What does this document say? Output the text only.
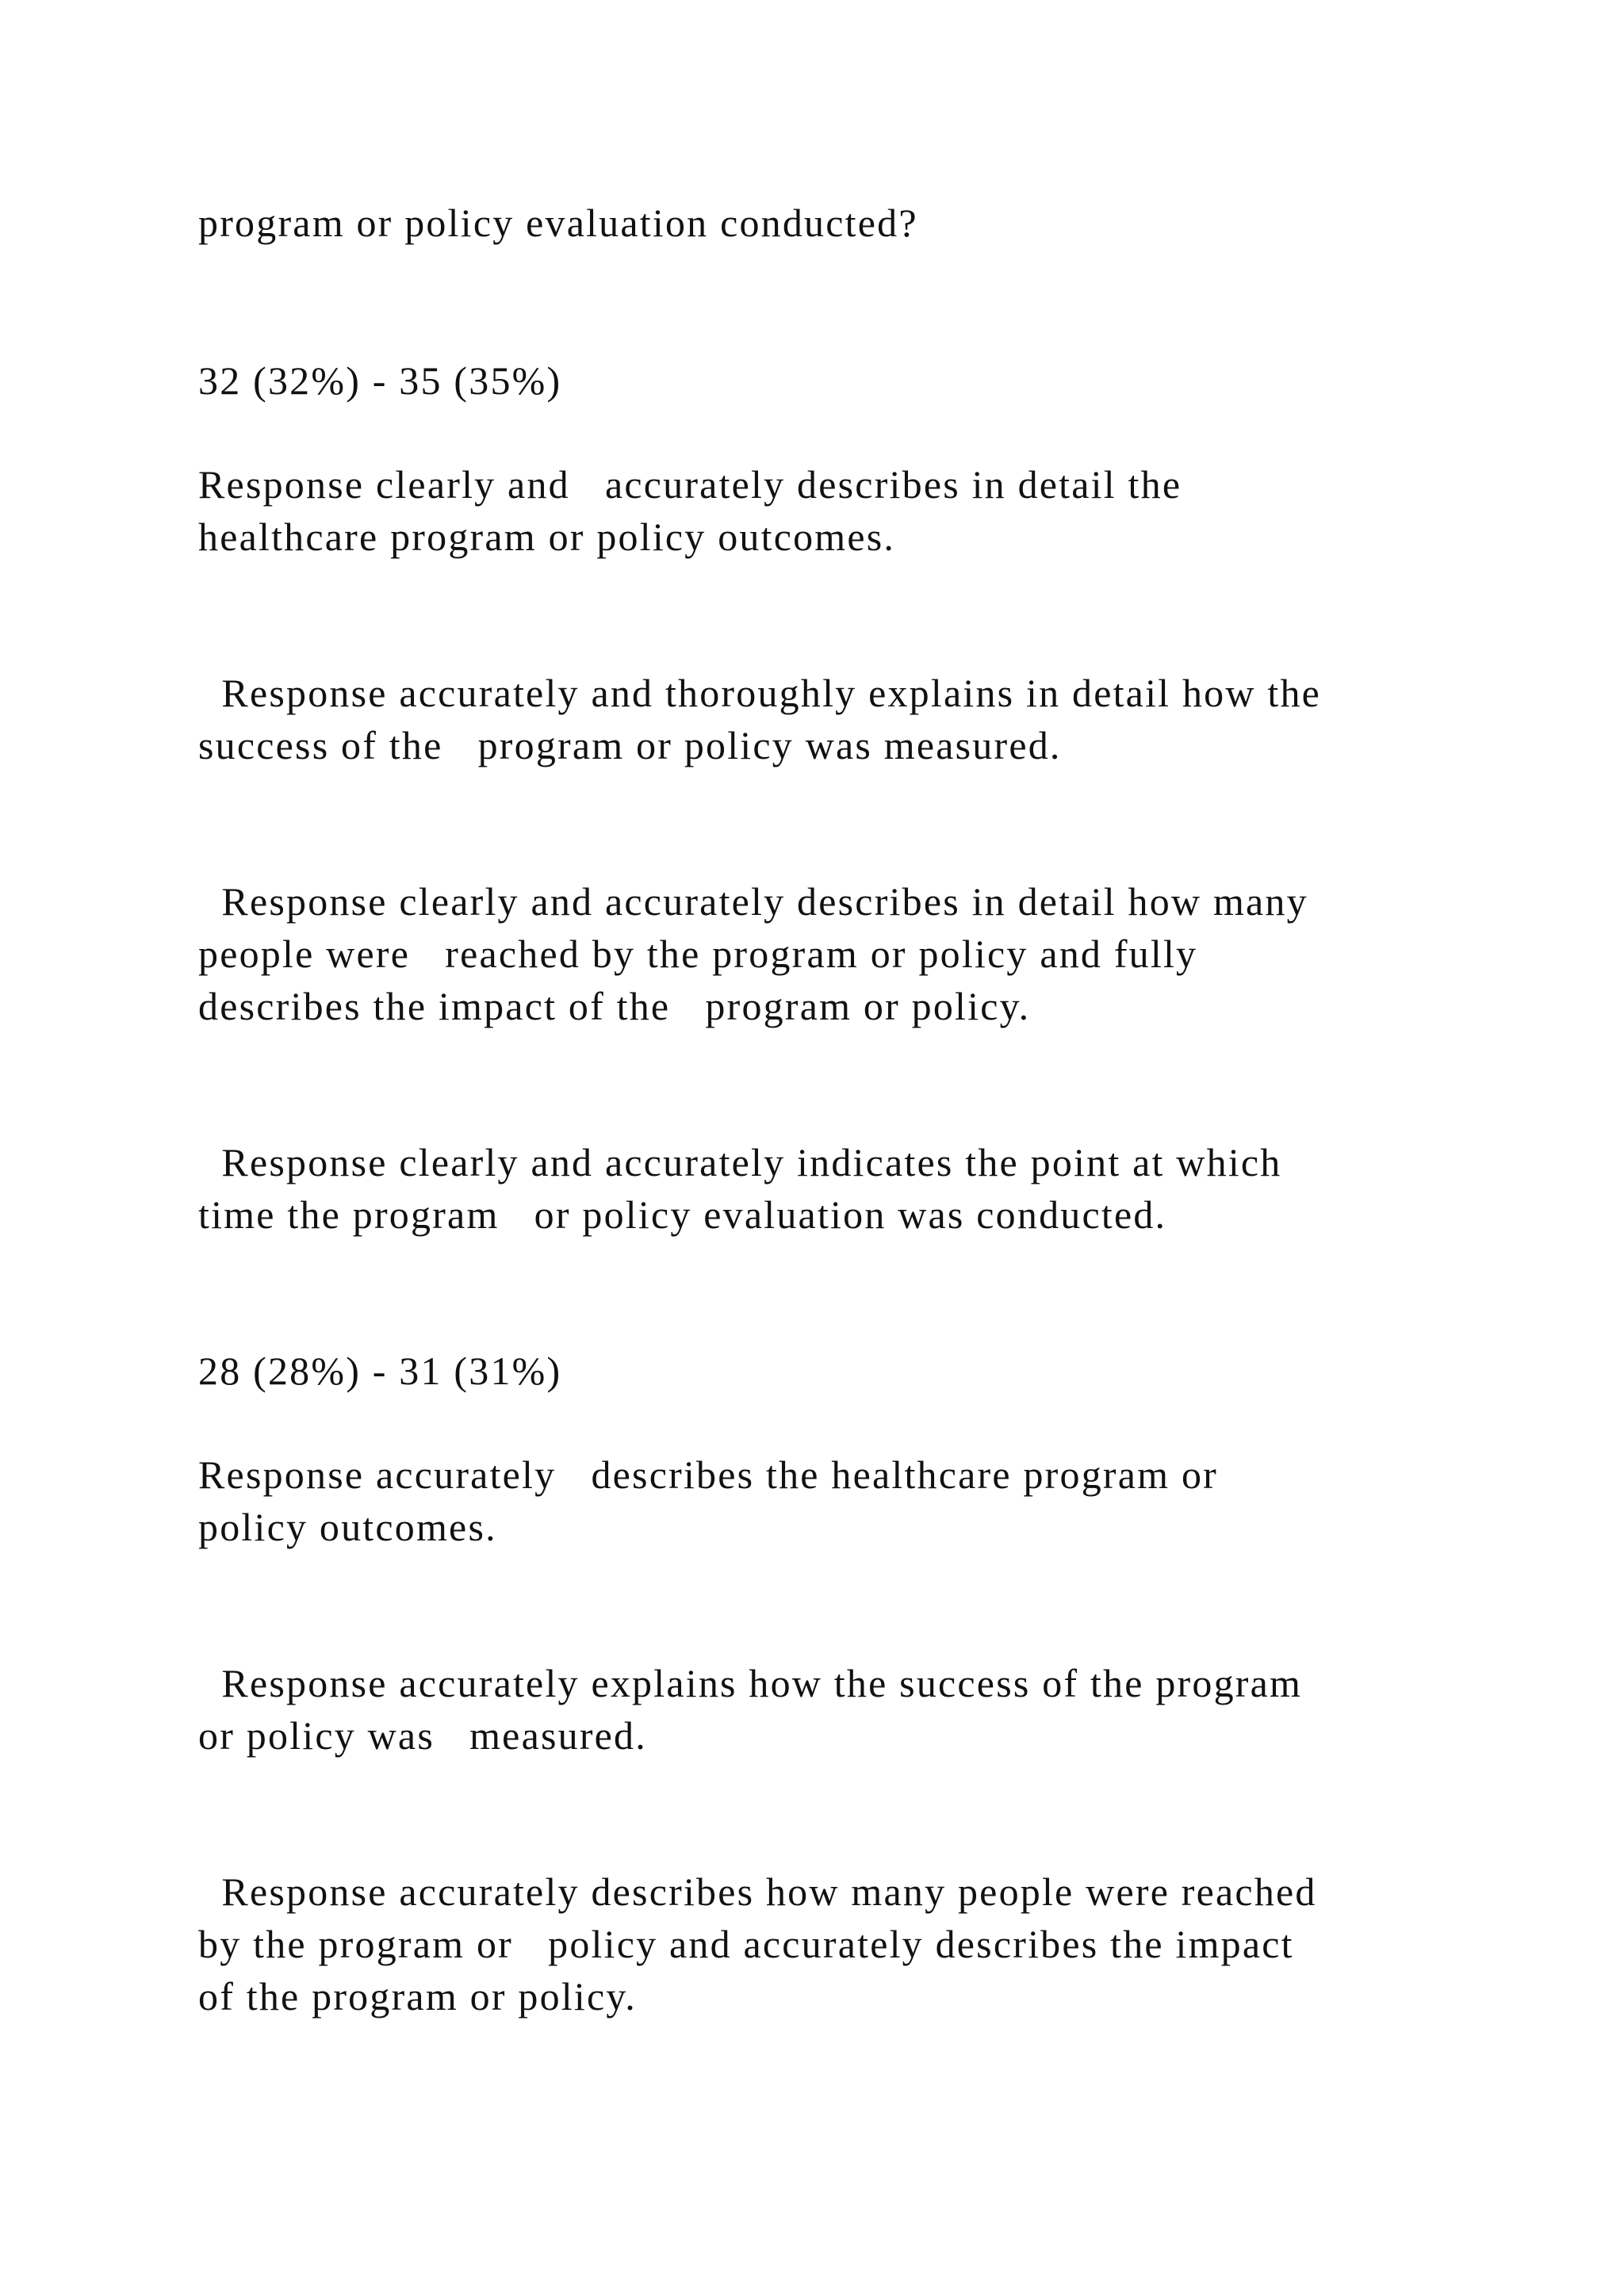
program or policy evaluation conducted?

32 (32%) - 35 (35%)

Response clearly and   accurately describes in detail the

healthcare program or policy outcomes.

Response accurately and thoroughly explains in detail how the

success of the   program or policy was measured.

Response clearly and accurately describes in detail how many

people were   reached by the program or policy and fully

describes the impact of the   program or policy.

Response clearly and accurately indicates the point at which

time the program   or policy evaluation was conducted.

28 (28%) - 31 (31%)

Response accurately   describes the healthcare program or

policy outcomes.

Response accurately explains how the success of the program

or policy was   measured.

Response accurately describes how many people were reached

by the program or   policy and accurately describes the impact

of the program or policy.
